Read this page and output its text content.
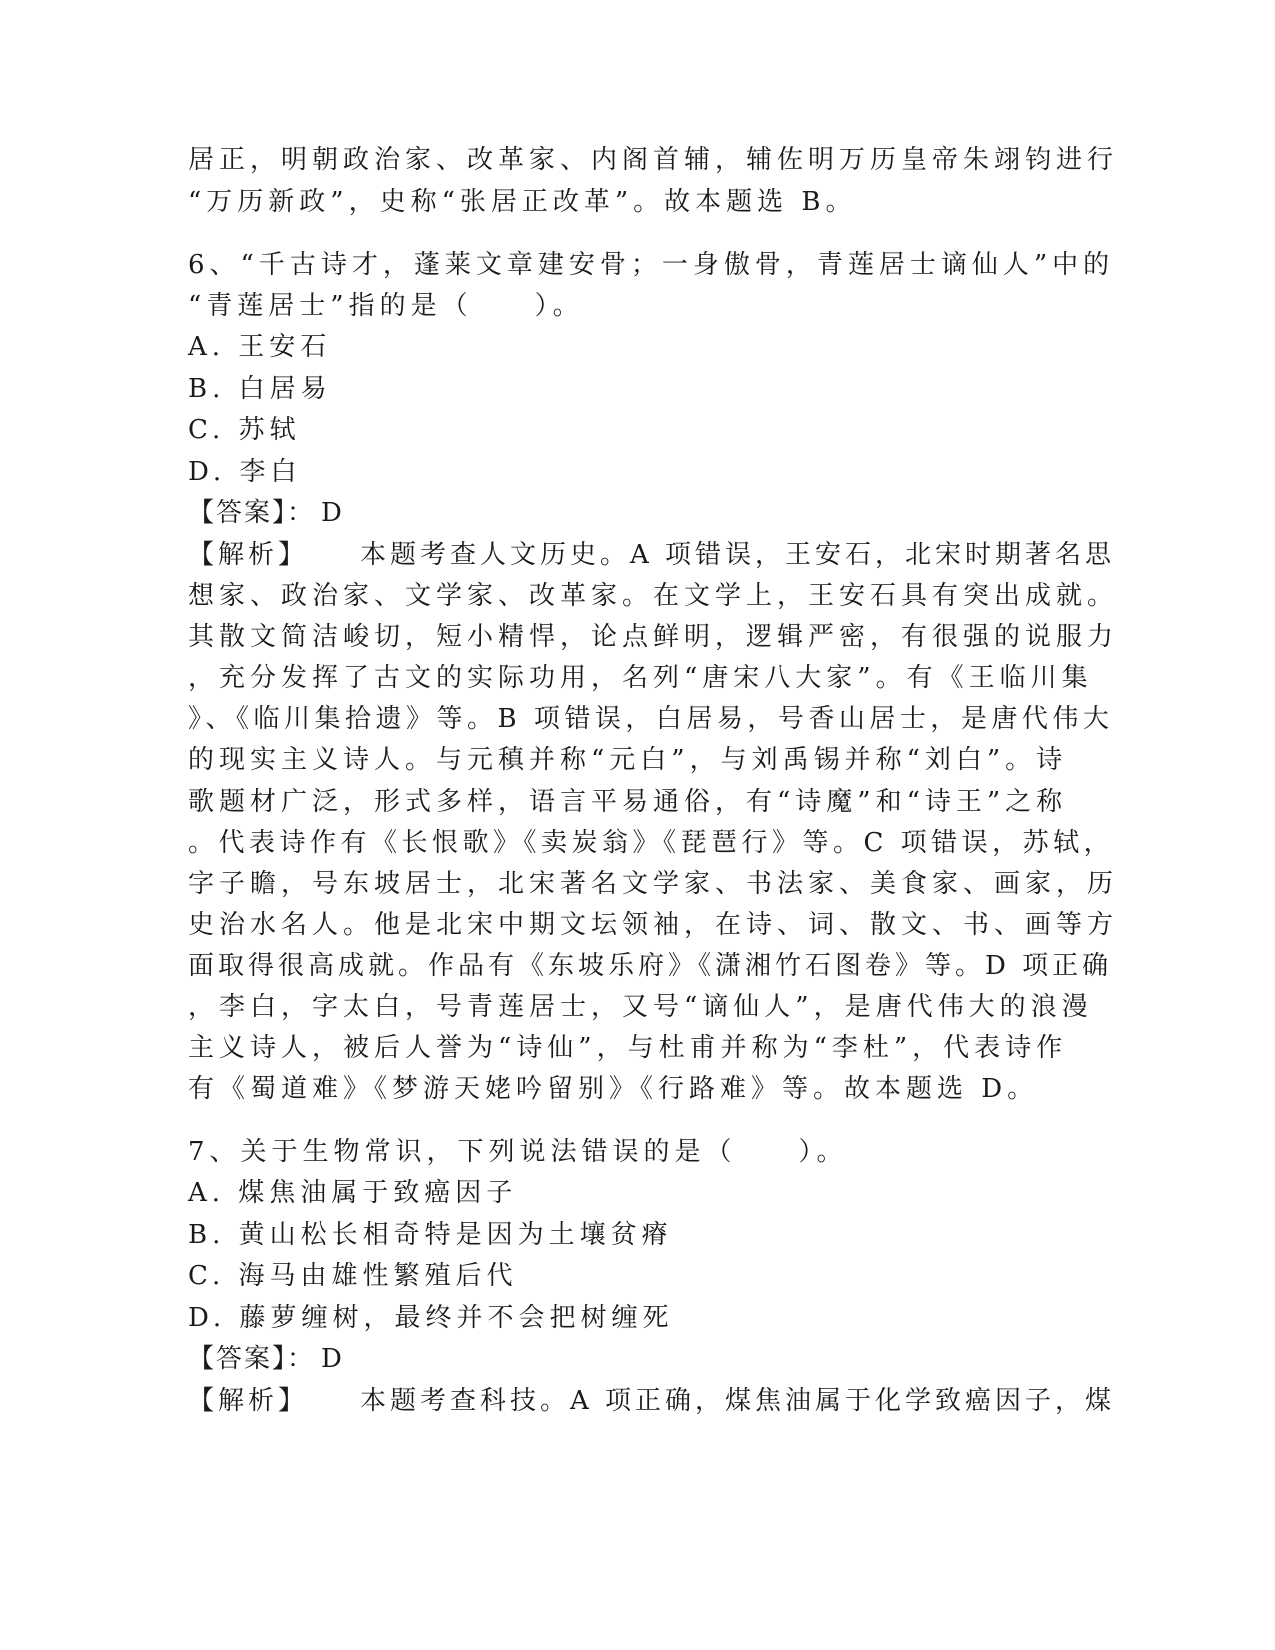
居正，明朝政治家、改革家、内阁首辅，辅佐明万历皇帝朱翊钧进行
“万历新政”，史称“张居正改革”。故本题选 B。
6、“千古诗才，蓬莱文章建安骨；一身傲骨，青莲居士谪仙人”中的
“青莲居士”指的是（　　）。
A. 王安石
B. 白居易
C. 苏轼
D. 李白
【答案】： D
【解析】 本题考查人文历史。A 项错误，王安石，北宋时期著名思
想家、政治家、文学家、改革家。在文学上，王安石具有突出成就。
其散文简洁峻切，短小精悍，论点鲜明，逻辑严密，有很强的说服力
，充分发挥了古文的实际功用，名列“唐宋八大家”。有《王临川集
》、《临川集拾遗》等。B 项错误，白居易，号香山居士，是唐代伟大
的现实主义诗人。与元稹并称“元白”，与刘禹锡并称“刘白”。诗
歌题材广泛，形式多样，语言平易通俗，有“诗魔”和“诗王”之称
。代表诗作有《长恨歌》《卖炭翁》《琵琶行》等。C 项错误，苏轼，
字子瞻，号东坡居士，北宋著名文学家、书法家、美食家、画家，历
史治水名人。他是北宋中期文坛领袖，在诗、词、散文、书、画等方
面取得很高成就。作品有《东坡乐府》《潇湘竹石图卷》等。D 项正确
，李白，字太白，号青莲居士，又号“谪仙人”，是唐代伟大的浪漫
主义诗人，被后人誉为“诗仙”，与杜甫并称为“李杜”，代表诗作
有《蜀道难》《梦游天姥吟留别》《行路难》等。故本题选 D。
7、关于生物常识，下列说法错误的是（　　）。
A. 煤焦油属于致癌因子
B. 黄山松长相奇特是因为土壤贫瘠
C. 海马由雄性繁殖后代
D. 藤萝缠树，最终并不会把树缠死
【答案】： D
【解析】 本题考查科技。A 项正确，煤焦油属于化学致癌因子，煤
